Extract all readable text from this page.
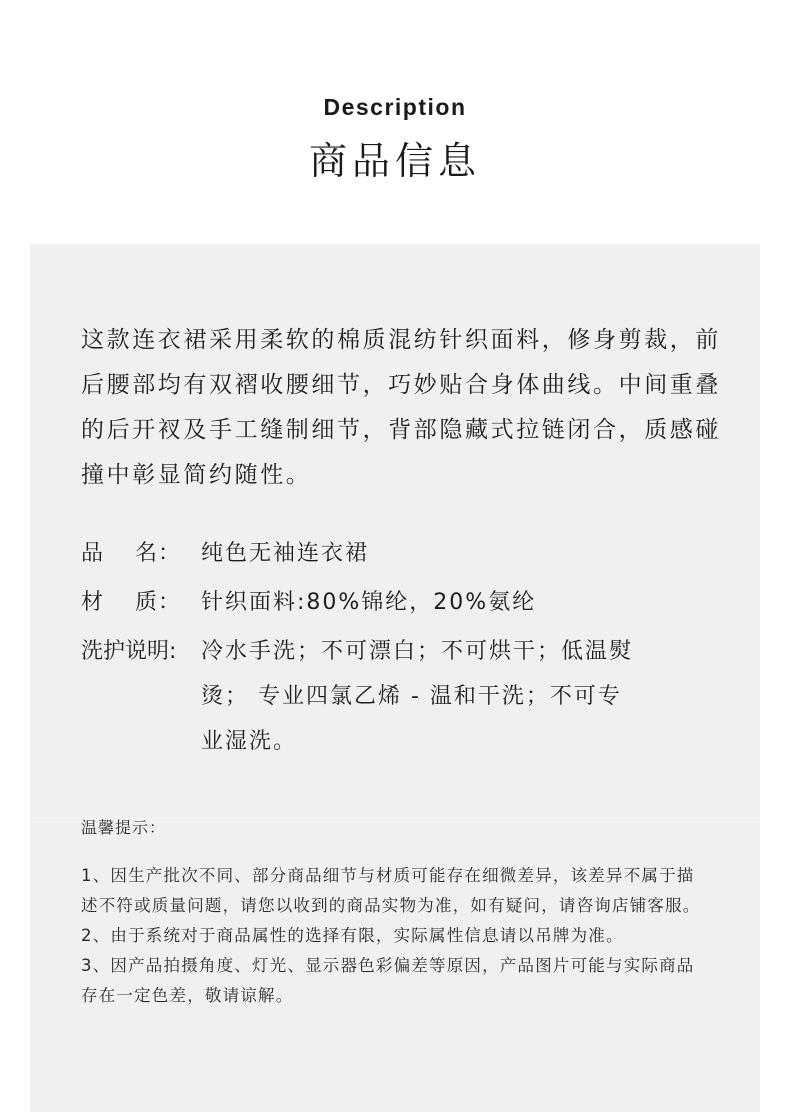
Description
商品信息
这款连衣裙采用柔软的棉质混纺针织面料，修身剪裁，前后腰部均有双褶收腰细节，巧妙贴合身体曲线。中间重叠的后开衩及手工缝制细节，背部隐藏式拉链闭合，质感碰撞中彰显简约随性。
品　 名： 纯色无袖连衣裙
材　 质： 针织面料:80%锦纶，20%氨纶
洗护说明:	冷水手洗；不可漂白；不可烘干；低温熨烫； 专业四氯乙烯 - 温和干洗；不可专业湿洗。
温馨提示：

1、因生产批次不同、部分商品细节与材质可能存在细微差异，该差异不属于描述不符或质量问题，请您以收到的商品实物为准，如有疑问，请咨询店铺客服。

2、由于系统对于商品属性的选择有限，实际属性信息请以吊牌为准。

3、因产品拍摄角度、灯光、显示器色彩偏差等原因，产品图片可能与实际商品存在一定色差，敬请谅解。
